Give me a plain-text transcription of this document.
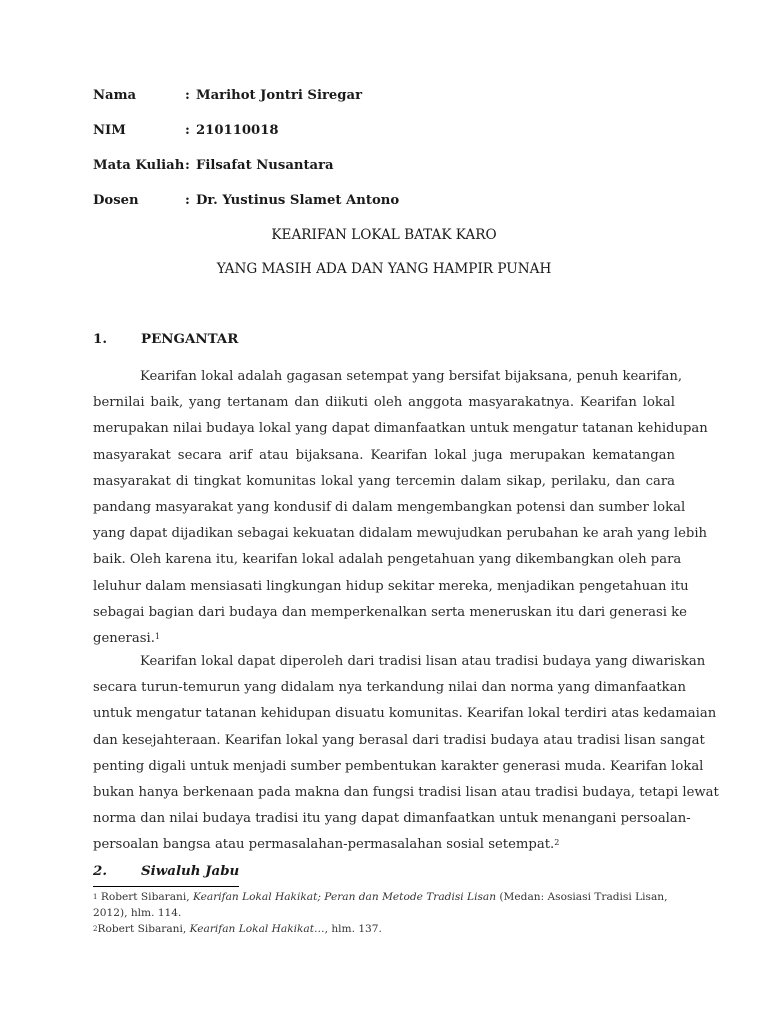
Nama	: Marihot Jontri Siregar
NIM	: 210110018
Mata Kuliah : Filsafat Nusantara
Dosen	: Dr. Yustinus Slamet Antono
KEARIFAN LOKAL BATAK KARO
YANG MASIH ADA DAN YANG HAMPIR PUNAH
1.	PENGANTAR
Kearifan lokal adalah gagasan setempat yang bersifat bijaksana, penuh kearifan,
bernilai baik, yang tertanam dan diikuti oleh anggota masyarakatnya. Kearifan lokal
merupakan nilai budaya lokal yang dapat dimanfaatkan untuk mengatur tatanan kehidupan
masyarakat secara arif atau bijaksana. Kearifan lokal juga merupakan kematangan
masyarakat di tingkat komunitas lokal yang tercemin dalam sikap, perilaku, dan cara
pandang masyarakat yang kondusif di dalam mengembangkan potensi dan sumber lokal
yang dapat dijadikan sebagai kekuatan didalam mewujudkan perubahan ke arah yang lebih
baik. Oleh karena itu, kearifan lokal adalah pengetahuan yang dikembangkan oleh para
leluhur dalam mensiasati lingkungan hidup sekitar mereka, menjadikan pengetahuan itu
sebagai bagian dari budaya dan memperkenalkan serta meneruskan itu dari generasi ke
generasi.$^1$
Kearifan lokal dapat diperoleh dari tradisi lisan atau tradisi budaya yang diwariskan
secara turun-temurun yang didalam nya terkandung nilai dan norma yang dimanfaatkan
untuk mengatur tatanan kehidupan disuatu komunitas. Kearifan lokal terdiri atas kedamaian
dan kesejahteraan. Kearifan lokal yang berasal dari tradisi budaya atau tradisi lisan sangat
penting digali untuk menjadi sumber pembentukan karakter generasi muda. Kearifan lokal
bukan hanya berkenaan pada makna dan fungsi tradisi lisan atau tradisi budaya, tetapi lewat
norma dan nilai budaya tradisi itu yang dapat dimanfaatkan untuk menangani persoalan-
persoalan bangsa atau permasalahan-permasalahan sosial setempat.$^2$
2.	Siwaluh Jabu
$^1$ Robert Sibarani, Kearifan Lokal Hakikat; Peran dan Metode Tradisi Lisan (Medan: Asosiasi Tradisi Lisan,
2012), hlm. 114.
$^2$Robert Sibarani, Kearifan Lokal Hakikat…, hlm. 137.
